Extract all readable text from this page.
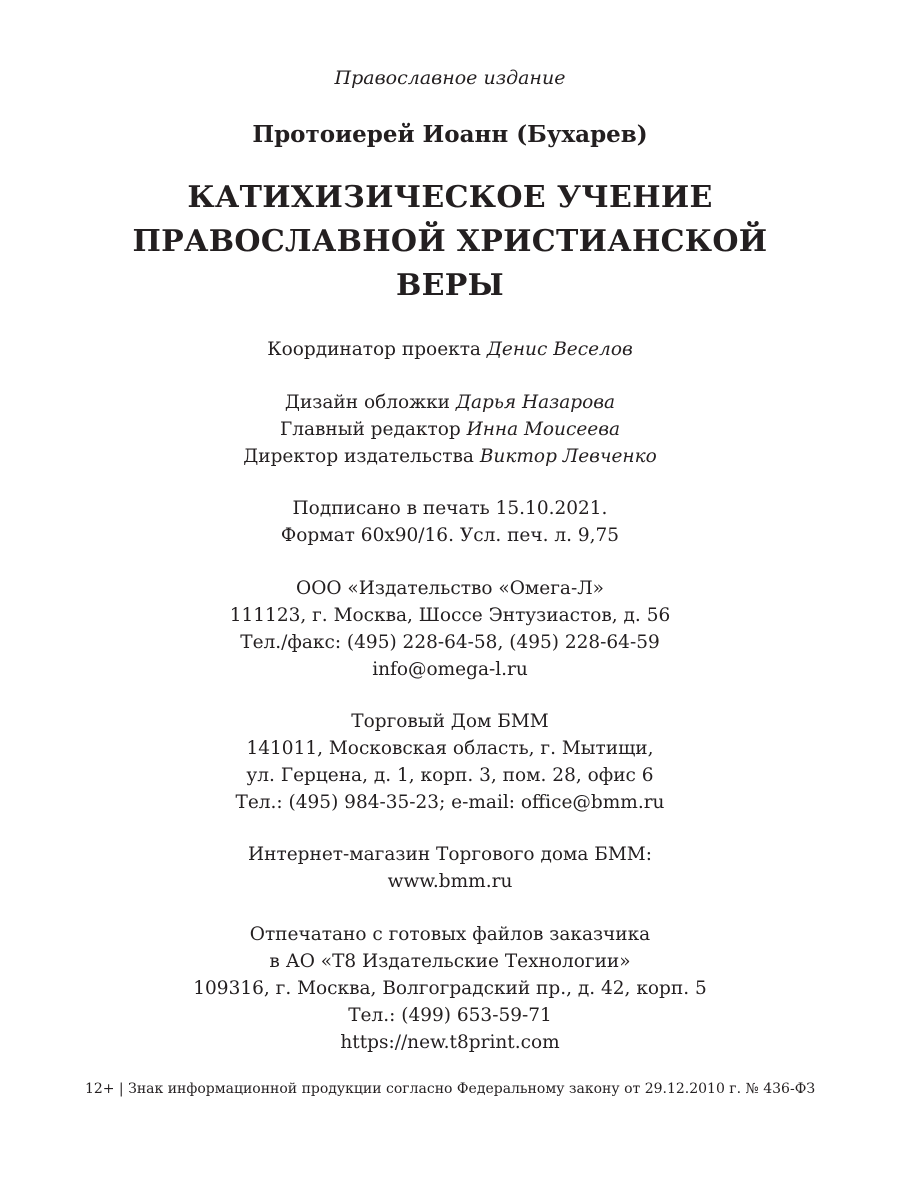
Православное издание
Протоиерей Иоанн (Бухарев)
КАТИХИЗИЧЕСКОЕ УЧЕНИЕ
ПРАВОСЛАВНОЙ ХРИСТИАНСКОЙ
ВЕРЫ
Координатор проекта Денис Веселов
Дизайн обложки Дарья Назарова
Главный редактор Инна Моисеева
Директор издательства Виктор Левченко
Подписано в печать 15.10.2021.
Формат 60х90/16. Усл. печ. л. 9,75
ООО «Издательство «Омега-Л»
111123, г. Москва, Шоссе Энтузиастов, д. 56
Тел./факс: (495) 228-64-58, (495) 228-64-59
info@omega-l.ru
Торговый Дом БММ
141011, Московская область, г. Мытищи,
ул. Герцена, д. 1, корп. 3, пом. 28, офис 6
Тел.: (495) 984-35-23; e-mail: office@bmm.ru
Интернет-магазин Торгового дома БММ:
www.bmm.ru
Отпечатано с готовых файлов заказчика
в АО «Т8 Издательские Технологии»
109316, г. Москва, Волгоградский пр., д. 42, корп. 5
Тел.: (499) 653-59-71
https://new.t8print.com
12+ | Знак информационной продукции согласно Федеральному закону от 29.12.2010 г. № 436-ФЗ
